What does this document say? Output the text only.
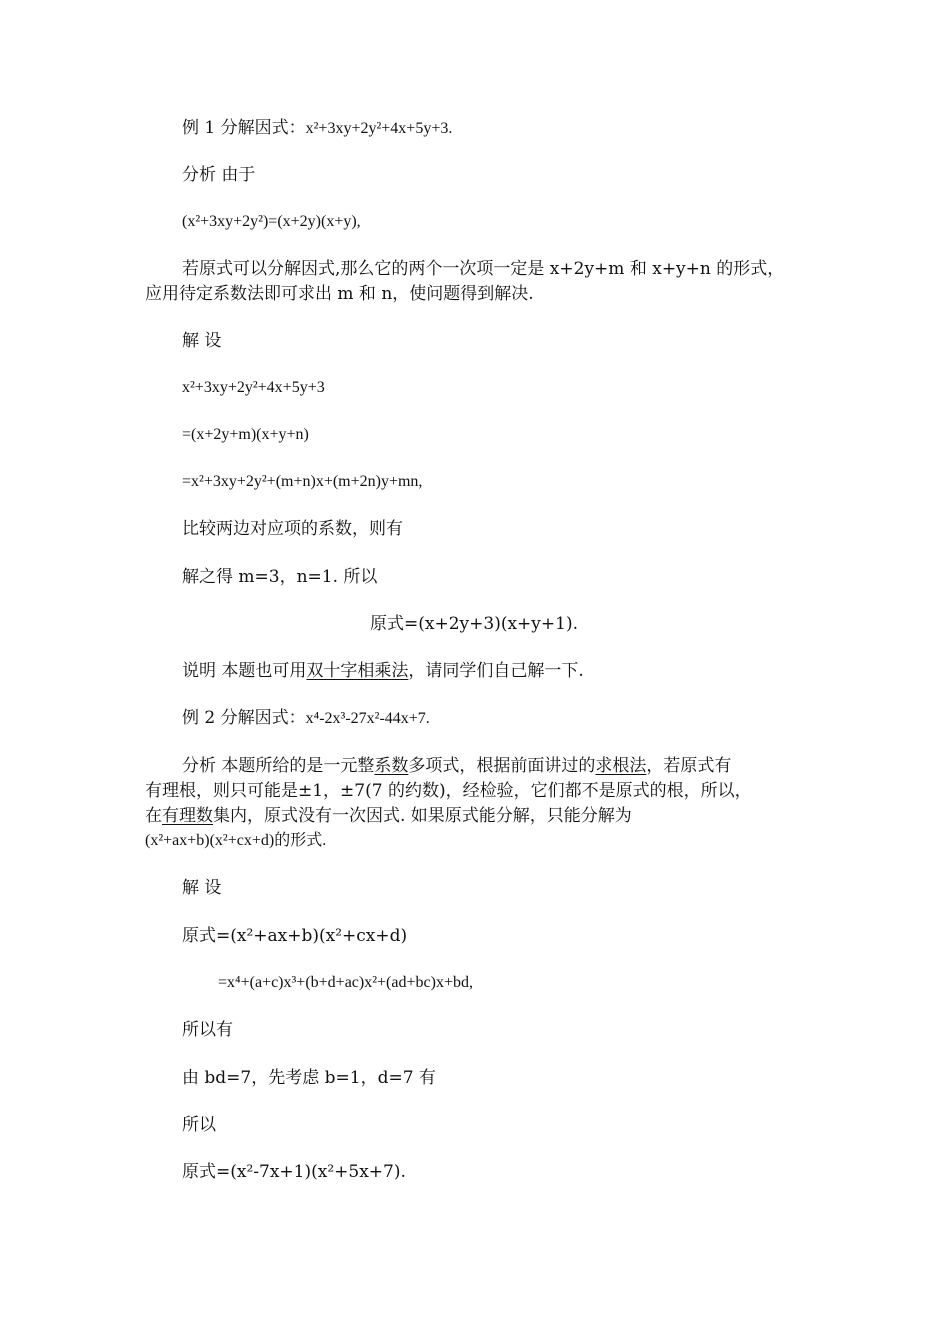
例 1 分解因式：x²+3xy+2y²+4x+5y+3.
分析 由于
(x²+3xy+2y²)=(x+2y)(x+y),
若原式可以分解因式,那么它的两个一次项一定是 x+2y+m 和 x+y+n 的形式，
应用待定系数法即可求出 m 和 n，使问题得到解决.
解 设
x²+3xy+2y²+4x+5y+3
=(x+2y+m)(x+y+n)
=x²+3xy+2y²+(m+n)x+(m+2n)y+mn,
比较两边对应项的系数，则有
解之得 m=3，n=1. 所以
原式=(x+2y+3)(x+y+1).
说明 本题也可用双十字相乘法，请同学们自己解一下.
例 2 分解因式：x⁴-2x³-27x²-44x+7.
分析 本题所给的是一元整系数多项式，根据前面讲过的求根法，若原式有
有理根，则只可能是±1，±7(7 的约数)，经检验，它们都不是原式的根，所以，
在有理数集内，原式没有一次因式. 如果原式能分解，只能分解为
(x²+ax+b)(x²+cx+d)的形式.
解 设
原式=(x²+ax+b)(x²+cx+d)
=x⁴+(a+c)x³+(b+d+ac)x²+(ad+bc)x+bd,
所以有
由 bd=7，先考虑 b=1，d=7 有
所以
原式=(x²-7x+1)(x²+5x+7).
